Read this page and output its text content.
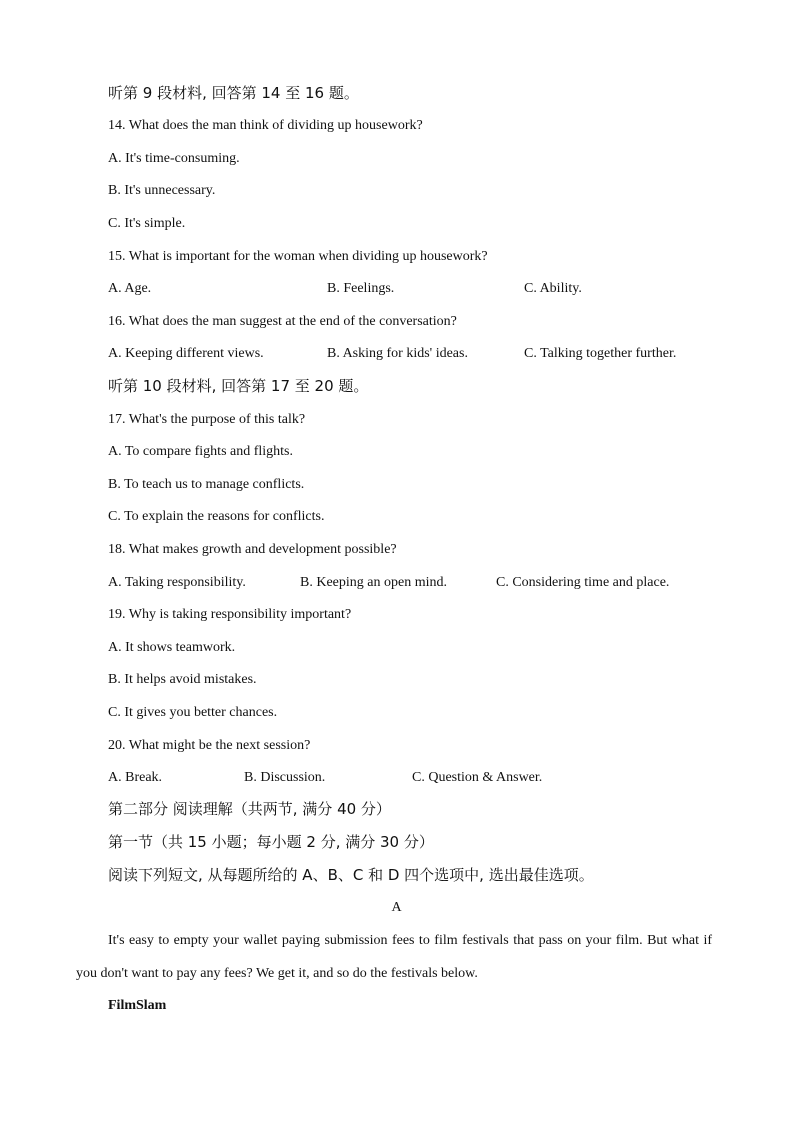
听第 9 段材料, 回答第 14 至 16 题。
14. What does the man think of dividing up housework?
A. It's time-consuming.
B. It's unnecessary.
C. It's simple.
15. What is important for the woman when dividing up housework?
A. Age.	B. Feelings.	C. Ability.
16. What does the man suggest at the end of the conversation?
A. Keeping different views.	B. Asking for kids' ideas.	C. Talking together further.
听第 10 段材料, 回答第 17 至 20 题。
17. What's the purpose of this talk?
A. To compare fights and flights.
B. To teach us to manage conflicts.
C. To explain the reasons for conflicts.
18. What makes growth and development possible?
A. Taking responsibility.	B. Keeping an open mind.	C. Considering time and place.
19. Why is taking responsibility important?
A. It shows teamwork.
B. It helps avoid mistakes.
C. It gives you better chances.
20. What might be the next session?
A. Break.	B. Discussion.	C. Question & Answer.
第二部分 阅读理解（共两节, 满分 40 分）
第一节（共 15 小题；每小题 2 分, 满分 30 分）
阅读下列短文, 从每题所给的 A、B、C 和 D 四个选项中, 选出最佳选项。
A
It's easy to empty your wallet paying submission fees to film festivals that pass on your film. But what if you don't want to pay any fees? We get it, and so do the festivals below.
FilmSlam
